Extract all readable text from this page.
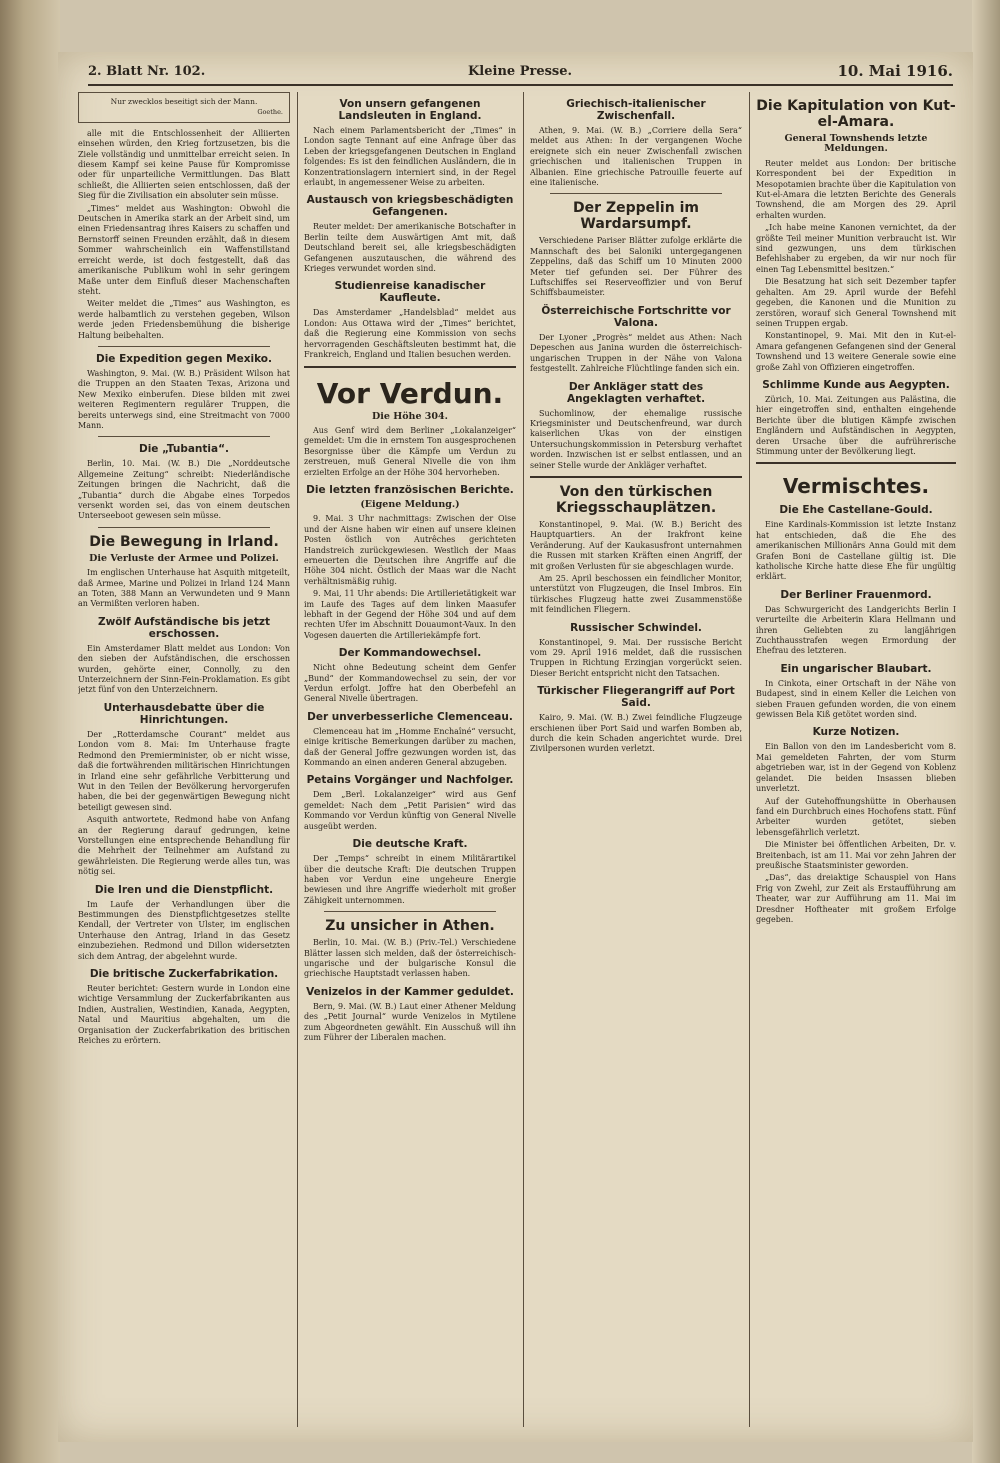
2. Blatt Nr. 102.	Kleine Presse.	10. Mai 1916.
Nur zwecklos beseitigt sich der Mann.
Goethe.

alle mit die Entschlossenheit der Alliierten einsehen würden, den Krieg fortzusetzen, bis die Ziele vollständig und unmittelbar erreicht seien. In diesem Kampf sei keine Pause für Kompromisse oder für unparteiliche Vermittlungen. Das Blatt schließt, die Alliierten seien entschlossen, daß der Sieg für die Zivilisation ein absoluter sein müsse.

„Times“ meldet aus Washington: Obwohl die Deutschen in Amerika stark an der Arbeit sind, um einen Friedensantrag ihres Kaisers zu schaffen und Bernstorff seinen Freunden erzählt, daß in diesem Sommer wahrscheinlich ein Waffenstillstand erreicht werde, ist doch festgestellt, daß das amerikanische Publikum wohl in sehr geringem Maße unter dem Einfluß dieser Machenschaften steht.

Weiter meldet die „Times“ aus Washington, es werde halbamtlich zu verstehen gegeben, Wilson werde jeden Friedensbemühung die bisherige Haltung beibehalten.

Die Expedition gegen Mexiko.

Washington, 9. Mai. (W. B.) Präsident Wilson hat die Truppen an den Staaten Texas, Arizona und New Mexiko einberufen. Diese bilden mit zwei weiteren Regimentern regulärer Truppen, die bereits unterwegs sind, eine Streitmacht von 7000 Mann.

Die „Tubantia“.

Berlin, 10. Mai. (W. B.) Die „Norddeutsche Allgemeine Zeitung“ schreibt: Niederländische Zeitungen bringen die Nachricht, daß die „Tubantia“ durch die Abgabe eines Torpedos versenkt worden sei, das von einem deutschen Unterseeboot gewesen sein müsse.

Die Bewegung in Irland.
Die Verluste der Armee und Polizei.

Im englischen Unterhause hat Asquith mitgeteilt, daß Armee, Marine und Polizei in Irland 124 Mann an Toten, 388 Mann an Verwundeten und 9 Mann an Vermißten verloren haben.

Zwölf Aufständische bis jetzt erschossen.

Ein Amsterdamer Blatt meldet aus London: Von den sieben der Aufständischen, die erschossen wurden, gehörte einer, Connolly, zu den Unterzeichnern der Sinn-Fein-Proklamation. Es gibt jetzt fünf von den Unterzeichnern.

Unterhausdebatte über die Hinrichtungen.

Der „Rotterdamsche Courant“ meldet aus London vom 8. Mai: Im Unterhause fragte Redmond den Premierminister, ob er nicht wisse, daß die fortwährenden militärischen Hinrichtungen in Irland eine sehr gefährliche Verbitterung und Wut in den Teilen der Bevölkerung hervorgerufen haben, die bei der gegenwärtigen Bewegung nicht beteiligt gewesen sind.

Asquith antwortete, Redmond habe von Anfang an der Regierung darauf gedrungen, keine Vorstellungen eine entsprechende Behandlung für die Mehrheit der Teilnehmer am Aufstand zu gewährleisten. Die Regierung werde alles tun, was nötig sei.

Die Iren und die Dienstpflicht.

Im Laufe der Verhandlungen über die Bestimmungen des Dienstpflichtgesetzes stellte Kendall, der Vertreter von Ulster, im englischen Unterhause den Antrag, Irland in das Gesetz einzubeziehen. Redmond und Dillon widersetzten sich dem Antrag, der abgelehnt wurde.

Die britische Zuckerfabrikation.

Reuter berichtet: Gestern wurde in London eine wichtige Versammlung der Zuckerfabrikanten aus Indien, Australien, Westindien, Kanada, Aegypten, Natal und Mauritius abgehalten, um die Organisation der Zuckerfabrikation des britischen Reiches zu erörtern.

Von unsern gefangenen Landsleuten in England.

Nach einem Parlamentsbericht der „Times“ in London sagte Tennant auf eine Anfrage über das Leben der kriegsgefangenen Deutschen in England folgendes: Es ist den feindlichen Ausländern, die in Konzentrationslagern interniert sind, in der Regel erlaubt, in angemessener Weise zu arbeiten.

Austausch von kriegsbeschädigten Gefangenen.

Reuter meldet: Der amerikanische Botschafter in Berlin teilte dem Auswärtigen Amt mit, daß Deutschland bereit sei, alle kriegsbeschädigten Gefangenen auszutauschen, die während des Krieges verwundet worden sind.

Studienreise kanadischer Kaufleute.

Das Amsterdamer „Handelsblad“ meldet aus London: Aus Ottawa wird der „Times“ berichtet, daß die Regierung eine Kommission von sechs hervorragenden Geschäftsleuten bestimmt hat, die Frankreich, England und Italien besuchen werden.

Vor Verdun.
Die Höhe 304.

Aus Genf wird dem Berliner „Lokalanzeiger“ gemeldet: Um die in ernstem Ton ausgesprochenen Besorgnisse über die Kämpfe um Verdun zu zerstreuen, muß General Nivelle die von ihm erzielten Erfolge an der Höhe 304 hervorheben.

Die letzten französischen Berichte.
(Eigene Meldung.)

9. Mai. 3 Uhr nachmittags: Zwischen der Oise und der Aisne haben wir einen auf unsere kleinen Posten östlich von Autrêches gerichteten Handstreich zurückgewiesen. Westlich der Maas erneuerten die Deutschen ihre Angriffe auf die Höhe 304 nicht. Östlich der Maas war die Nacht verhältnismäßig ruhig.

9. Mai, 11 Uhr abends: Die Artillerietätigkeit war im Laufe des Tages auf dem linken Maasufer lebhaft in der Gegend der Höhe 304 und auf dem rechten Ufer im Abschnitt Douaumont-Vaux. In den Vogesen dauerten die Artilleriekämpfe fort.

Der Kommandowechsel.

Nicht ohne Bedeutung scheint dem Genfer „Bund“ der Kommandowechsel zu sein, der vor Verdun erfolgt. Joffre hat den Oberbefehl an General Nivelle übertragen.

Der unverbesserliche Clemenceau.

Clemenceau hat im „Homme Enchaîné“ versucht, einige kritische Bemerkungen darüber zu machen, daß der General Joffre gezwungen worden ist, das Kommando an einen anderen General abzugeben.

Petains Vorgänger und Nachfolger.

Dem „Berl. Lokalanzeiger“ wird aus Genf gemeldet: Nach dem „Petit Parisien“ wird das Kommando vor Verdun künftig von General Nivelle ausgeübt werden.

Die deutsche Kraft.

Der „Temps“ schreibt in einem Militärartikel über die deutsche Kraft: Die deutschen Truppen haben vor Verdun eine ungeheure Energie bewiesen und ihre Angriffe wiederholt mit großer Zähigkeit unternommen.

Zu unsicher in Athen.

Berlin, 10. Mai. (W. B.) (Priv.-Tel.) Verschiedene Blätter lassen sich melden, daß der österreichisch-ungarische und der bulgarische Konsul die griechische Hauptstadt verlassen haben.

Venizelos in der Kammer geduldet.

Bern, 9. Mai. (W. B.) Laut einer Athener Meldung des „Petit Journal“ wurde Venizelos in Mytilene zum Abgeordneten gewählt. Ein Ausschuß will ihn zum Führer der Liberalen machen.

Griechisch-italienischer Zwischenfall.

Athen, 9. Mai. (W. B.) „Corriere della Sera“ meldet aus Athen: In der vergangenen Woche ereignete sich ein neuer Zwischenfall zwischen griechischen und italienischen Truppen in Albanien. Eine griechische Patrouille feuerte auf eine italienische.

Der Zeppelin im Wardarsumpf.

Verschiedene Pariser Blätter zufolge erklärte die Mannschaft des bei Saloniki untergegangenen Zeppelins, daß das Schiff um 10 Minuten 2000 Meter tief gefunden sei. Der Führer des Luftschiffes sei Reserveoffizier und von Beruf Schiffsbaumeister.

Österreichische Fortschritte vor Valona.

Der Lyoner „Progrès“ meldet aus Athen: Nach Depeschen aus Janina wurden die österreichisch-ungarischen Truppen in der Nähe von Valona festgestellt. Zahlreiche Flüchtlinge fanden sich ein.

Der Ankläger statt des Angeklagten verhaftet.

Suchomlinow, der ehemalige russische Kriegsminister und Deutschenfreund, war durch kaiserlichen Ukas von der einstigen Untersuchungskommission in Petersburg verhaftet worden. Inzwischen ist er selbst entlassen, und an seiner Stelle wurde der Ankläger verhaftet.

Von den türkischen Kriegsschauplätzen.

Konstantinopel, 9. Mai. (W. B.) Bericht des Hauptquartiers. An der Irakfront keine Veränderung. Auf der Kaukasusfront unternahmen die Russen mit starken Kräften einen Angriff, der mit großen Verlusten für sie abgeschlagen wurde.

Am 25. April beschossen ein feindlicher Monitor, unterstützt von Flugzeugen, die Insel Imbros. Ein türkisches Flugzeug hatte zwei Zusammenstöße mit feindlichen Fliegern.

Russischer Schwindel.

Konstantinopel, 9. Mai. Der russische Bericht vom 29. April 1916 meldet, daß die russischen Truppen in Richtung Erzingjan vorgerückt seien. Dieser Bericht entspricht nicht den Tatsachen.

Türkischer Fliegerangriff auf Port Said.

Kairo, 9. Mai. (W. B.) Zwei feindliche Flugzeuge erschienen über Port Said und warfen Bomben ab, durch die kein Schaden angerichtet wurde. Drei Zivilpersonen wurden verletzt.

Die Kapitulation von Kut-el-Amara.
General Townshends letzte Meldungen.

Reuter meldet aus London: Der britische Korrespondent bei der Expedition in Mesopotamien brachte über die Kapitulation von Kut-el-Amara die letzten Berichte des Generals Townshend, die am Morgen des 29. April erhalten wurden.

„Ich habe meine Kanonen vernichtet, da der größte Teil meiner Munition verbraucht ist. Wir sind gezwungen, uns dem türkischen Befehlshaber zu ergeben, da wir nur noch für einen Tag Lebensmittel besitzen.“

Die Besatzung hat sich seit Dezember tapfer gehalten. Am 29. April wurde der Befehl gegeben, die Kanonen und die Munition zu zerstören, worauf sich General Townshend mit seinen Truppen ergab.

Konstantinopel, 9. Mai. Mit den in Kut-el-Amara gefangenen Gefangenen sind der General Townshend und 13 weitere Generale sowie eine große Zahl von Offizieren eingetroffen.

Schlimme Kunde aus Aegypten.

Zürich, 10. Mai. Zeitungen aus Palästina, die hier eingetroffen sind, enthalten eingehende Berichte über die blutigen Kämpfe zwischen Engländern und Aufständischen in Aegypten, deren Ursache über die aufrührerische Stimmung unter der Bevölkerung liegt.

Vermischtes.
Die Ehe Castellane-Gould.

Eine Kardinals-Kommission ist letzte Instanz hat entschieden, daß die Ehe des amerikanischen Millionärs Anna Gould mit dem Grafen Boni de Castellane gültig ist. Die katholische Kirche hatte diese Ehe für ungültig erklärt.

Der Berliner Frauenmord.

Das Schwurgericht des Landgerichts Berlin I verurteilte die Arbeiterin Klara Hellmann und ihren Geliebten zu langjährigen Zuchthausstrafen wegen Ermordung der Ehefrau des letzteren.

Ein ungarischer Blaubart.

In Cinkota, einer Ortschaft in der Nähe von Budapest, sind in einem Keller die Leichen von sieben Frauen gefunden worden, die von einem gewissen Bela Kiß getötet worden sind.

Kurze Notizen.

Ein Ballon von den im Landesbericht vom 8. Mai gemeldeten Fahrten, der vom Sturm abgetrieben war, ist in der Gegend von Koblenz gelandet. Die beiden Insassen blieben unverletzt.

Auf der Gutehoffnungshütte in Oberhausen fand ein Durchbruch eines Hochofens statt. Fünf Arbeiter wurden getötet, sieben lebensgefährlich verletzt.

Die Minister bei öffentlichen Arbeiten, Dr. v. Breitenbach, ist am 11. Mai vor zehn Jahren der preußische Staatsminister geworden.

„Das“, das dreiaktige Schauspiel von Hans Frig von Zwehl, zur Zeit als Erstaufführung am Theater, war zur Aufführung am 11. Mai im Dresdner Hoftheater mit großem Erfolge gegeben.
